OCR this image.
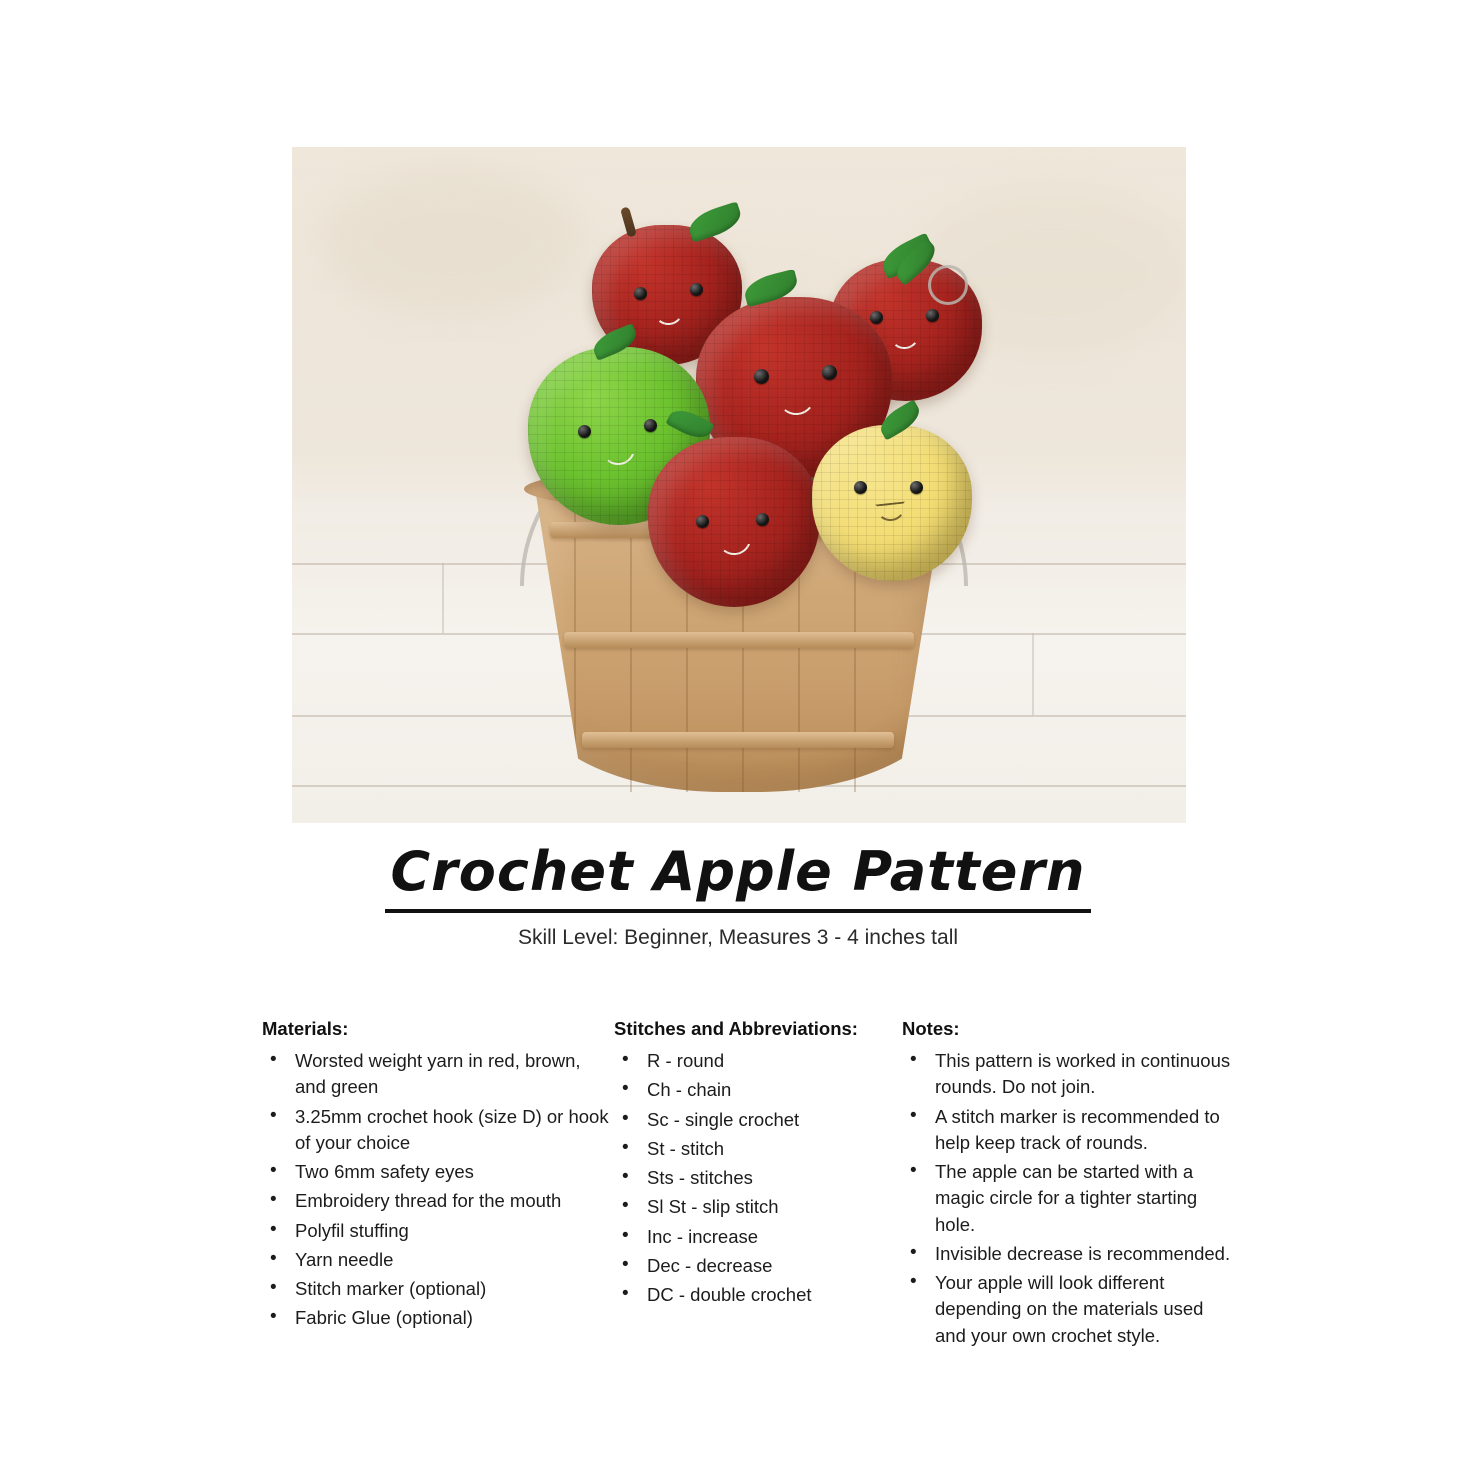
Crochet Apple Pattern
Skill Level: Beginner, Measures 3 - 4 inches tall
Materials:
• Worsted weight yarn in red, brown, and green
• 3.25mm crochet hook (size D) or hook of your choice
• Two 6mm safety eyes
• Embroidery thread for the mouth
• Polyfil stuffing
• Yarn needle
• Stitch marker (optional)
• Fabric Glue (optional)
Stitches and Abbreviations:
• R - round
• Ch - chain
• Sc - single crochet
• St - stitch
• Sts - stitches
• Sl St - slip stitch
• Inc - increase
• Dec - decrease
• DC - double crochet
Notes:
• This pattern is worked in continuous rounds. Do not join.
• A stitch marker is recommended to help keep track of rounds.
• The apple can be started with a magic circle for a tighter starting hole.
• Invisible decrease is recommended.
• Your apple will look different depending on the materials used and your own crochet style.
